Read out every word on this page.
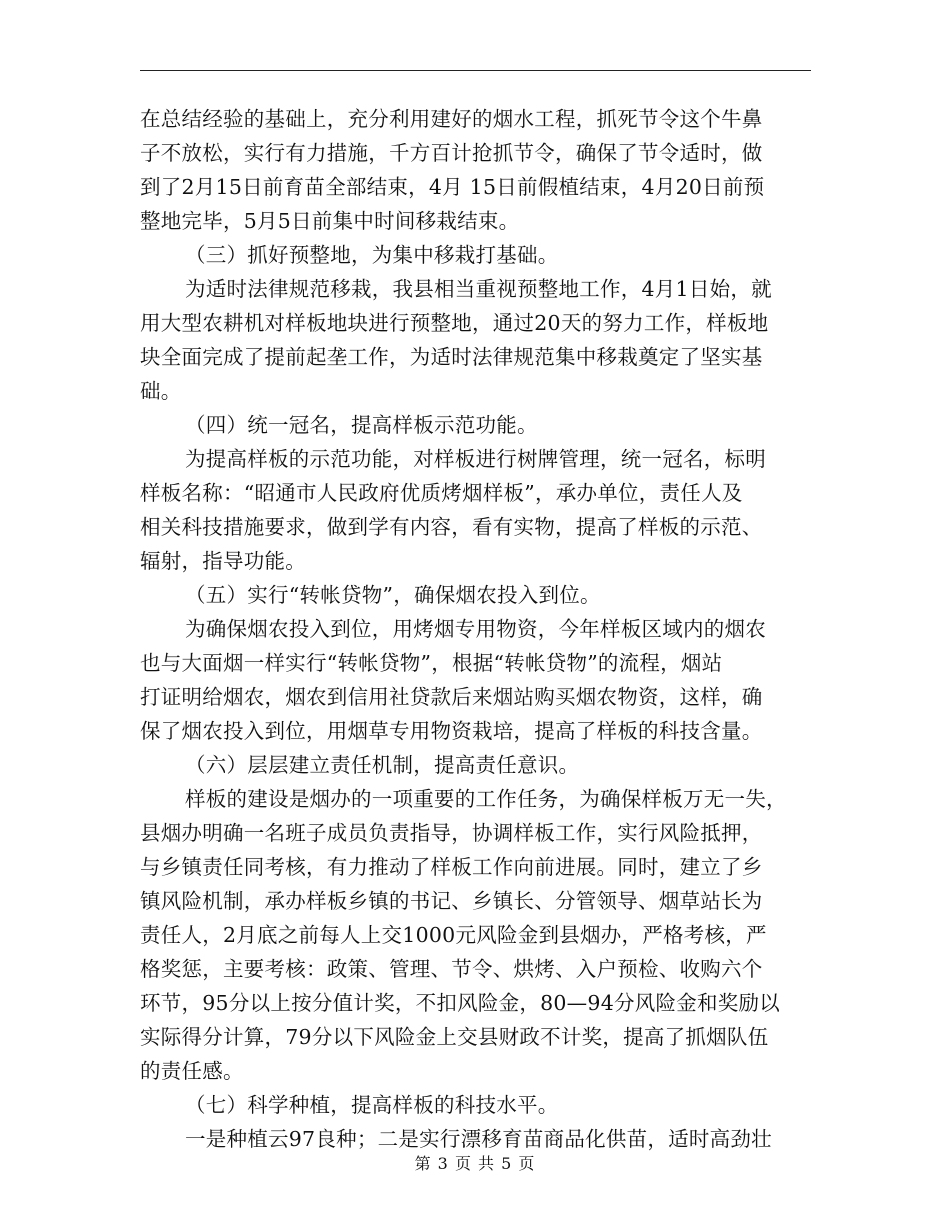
在总结经验的基础上，充分利用建好的烟水工程，抓死节令这个牛鼻
子不放松，实行有力措施，千方百计抢抓节令，确保了节令适时，做
到了2月15日前育苗全部结束，4月 15日前假植结束，4月20日前预
整地完毕，5月5日前集中时间移栽结束。
（三）抓好预整地，为集中移栽打基础。
为适时法律规范移栽，我县相当重视预整地工作，4月1日始，就
用大型农耕机对样板地块进行预整地，通过20天的努力工作，样板地
块全面完成了提前起垄工作，为适时法律规范集中移栽奠定了坚实基
础。
（四）统一冠名，提高样板示范功能。
为提高样板的示范功能，对样板进行树牌管理，统一冠名，标明
样板名称：“昭通市人民政府优质烤烟样板”，承办单位，责任人及
相关科技措施要求，做到学有内容，看有实物，提高了样板的示范、
辐射，指导功能。
（五）实行“转帐贷物”，确保烟农投入到位。
为确保烟农投入到位，用烤烟专用物资，今年样板区域内的烟农
也与大面烟一样实行“转帐贷物”，根据“转帐贷物”的流程，烟站
打证明给烟农，烟农到信用社贷款后来烟站购买烟农物资，这样，确
保了烟农投入到位，用烟草专用物资栽培，提高了样板的科技含量。
（六）层层建立责任机制，提高责任意识。
样板的建设是烟办的一项重要的工作任务，为确保样板万无一失，
县烟办明确一名班子成员负责指导，协调样板工作，实行风险抵押，
与乡镇责任同考核，有力推动了样板工作向前进展。同时，建立了乡
镇风险机制，承办样板乡镇的书记、乡镇长、分管领导、烟草站长为
责任人，2月底之前每人上交1000元风险金到县烟办，严格考核，严
格奖惩，主要考核：政策、管理、节令、烘烤、入户预检、收购六个
环节，95分以上按分值计奖，不扣风险金，80—94分风险金和奖励以
实际得分计算，79分以下风险金上交县财政不计奖，提高了抓烟队伍
的责任感。
（七）科学种植，提高样板的科技水平。
一是种植云97良种；二是实行漂移育苗商品化供苗，适时高劲壮
第 3 页 共 5 页
